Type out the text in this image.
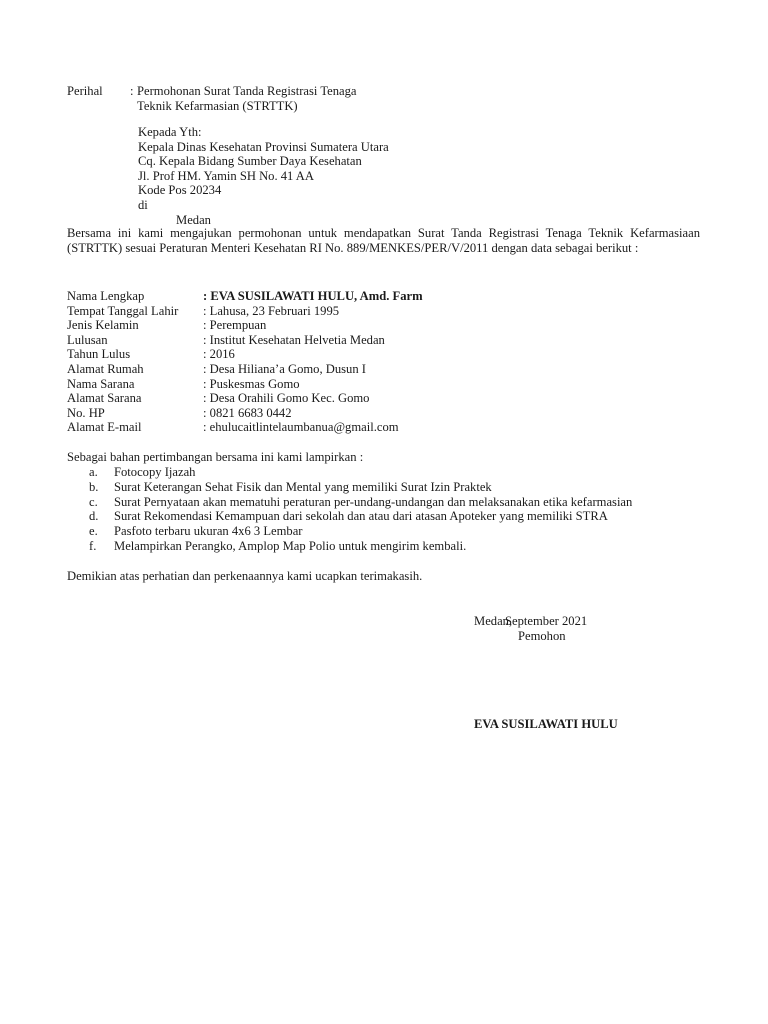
Perihal : Permohonan Surat Tanda Registrasi Tenaga
Teknik Kefarmasian (STRTTK)
Kepada Yth:
Kepala Dinas Kesehatan Provinsi Sumatera Utara
Cq. Kepala Bidang Sumber Daya Kesehatan
Jl. Prof HM. Yamin SH No. 41 AA
Kode Pos 20234
di
Medan

Bersama ini kami mengajukan permohonan untuk mendapatkan Surat Tanda Registrasi Tenaga Teknik Kefarmasiaan (STRTTK) sesuai Peraturan Menteri Kesehatan RI No. 889/MENKES/PER/V/2011 dengan data sebagai berikut :

Nama Lengkap	: EVA SUSILAWATI HULU, Amd. Farm
Tempat Tanggal Lahir : Lahusa, 23 Februari 1995
Jenis Kelamin	: Perempuan
Lulusan	: Institut Kesehatan Helvetia Medan
Tahun Lulus	: 2016
Alamat Rumah	: Desa Hiliana’a Gomo, Dusun I
Nama Sarana	: Puskesmas Gomo
Alamat Sarana	: Desa Orahili Gomo Kec. Gomo
No. HP	: 0821 6683 0442
Alamat E-mail	: ehulucaitlintelaumbanua@gmail.com
Sebagai bahan pertimbangan bersama ini kami lampirkan :
a. Fotocopy Ijazah
b. Surat Keterangan Sehat Fisik dan Mental yang memiliki Surat Izin Praktek
c. Surat Pernyataan akan mematuhi peraturan per-undang-undangan dan melaksanakan etika kefarmasian
d. Surat Rekomendasi Kemampuan dari sekolah dan atau dari atasan Apoteker yang memiliki STRA
e. Pasfoto terbaru ukuran 4x6 3 Lembar
f. Melampirkan Perangko, Amplop Map Polio untuk mengirim kembali.
Demikian atas perhatian dan perkenaannya kami ucapkan terimakasih.
Medan,
September 2021
Pemohon
EVA SUSILAWATI HULU
